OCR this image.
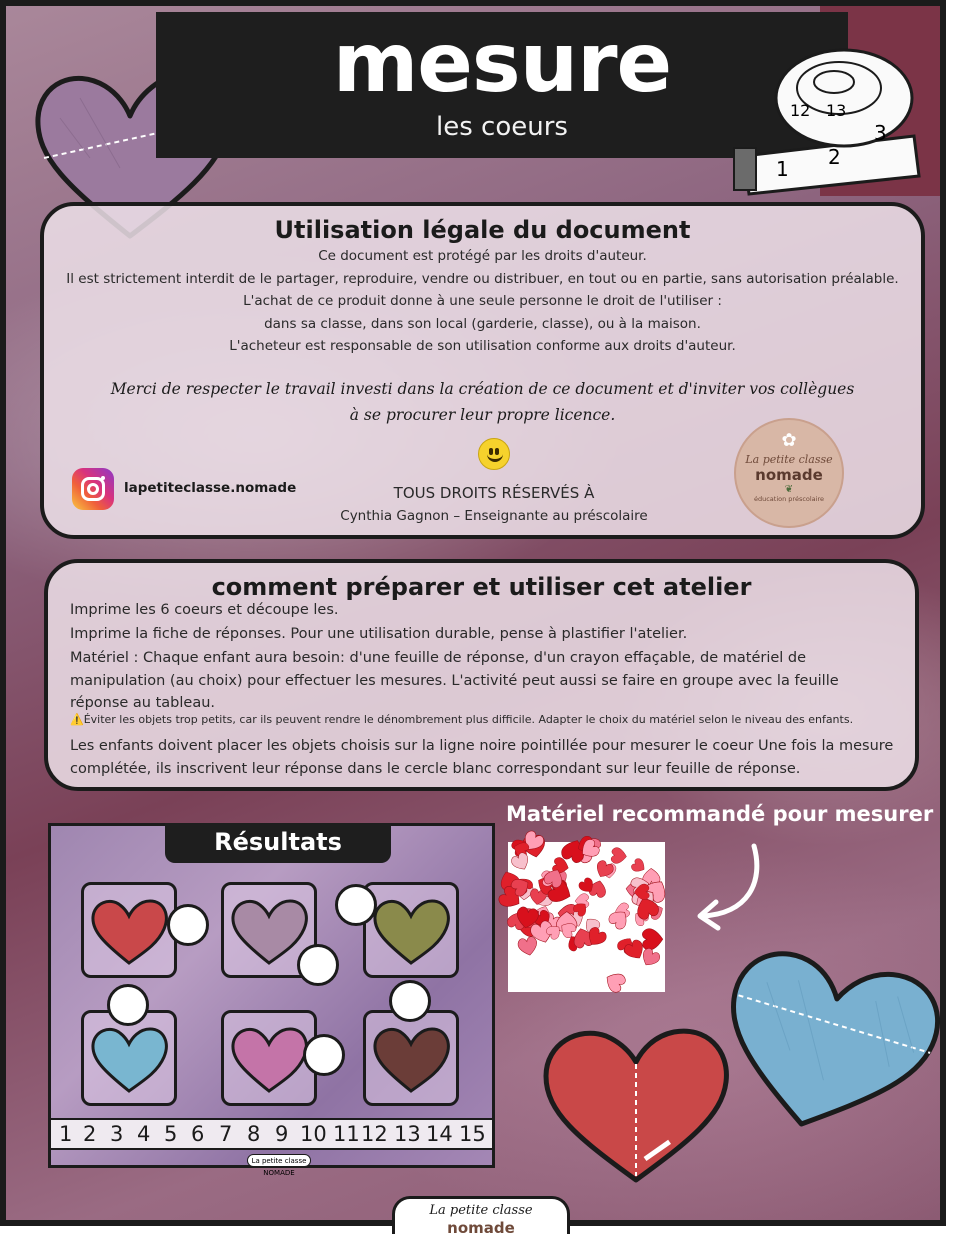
mesure
les coeurs
12 13
3
1 2
Utilisation légale du document
Ce document est protégé par les droits d'auteur.
Il est strictement interdit de le partager, reproduire, vendre ou distribuer, en tout ou en partie, sans autorisation préalable.
L'achat de ce produit donne à une seule personne le droit de l'utiliser :
dans sa classe, dans son local (garderie, classe), ou à la maison.
L'acheteur est responsable de son utilisation conforme aux droits d'auteur.
Merci de respecter le travail investi dans la création de ce document et d'inviter vos collègues
à se procurer leur propre licence.
lapetiteclasse.nomade	TOUS DROITS RÉSERVÉS À
Cynthia Gagnon – Enseignante au préscolaire
✿
La petite classe
nomade
❦
éducation préscolaire
comment préparer et utiliser cet atelier
Imprime les 6 coeurs et découpe les.
Imprime la fiche de réponses. Pour une utilisation durable, pense à plastifier l'atelier.
Matériel : Chaque enfant aura besoin: d'une feuille de réponse, d'un crayon effaçable, de matériel de manipulation (au choix) pour effectuer les mesures. L'activité peut aussi se faire en groupe avec la feuille réponse au tableau.
⚠️Éviter les objets trop petits, car ils peuvent rendre le dénombrement plus difficile. Adapter le choix du matériel selon le niveau des enfants.
Les enfants doivent placer les objets choisis sur la ligne noire pointillée pour mesurer le coeur Une fois la mesure complétée, ils inscrivent leur réponse dans le cercle blanc correspondant sur leur feuille de réponse.
Résultats
1 2 3 4 5 6 7 8 9 10 11 12 13 14 15
La petite classe NOMADE
Matériel recommandé pour mesurer
La petite classe nomade
